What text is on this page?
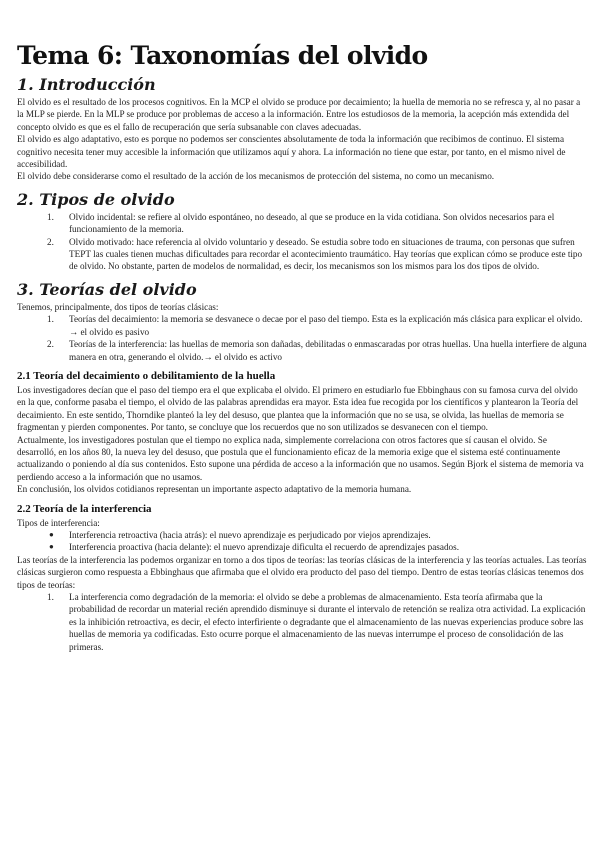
Tema 6: Taxonomías del olvido
1. Introducción

El olvido es el resultado de los procesos cognitivos. En la MCP el olvido se produce por decaimiento; la huella de memoria no se refresca y, al no pasar a la MLP se pierde. En la MLP se produce por problemas de acceso a la información. Entre los estudiosos de la memoria, la acepción más extendida del concepto olvido es que es el fallo de recuperación que sería subsanable con claves adecuadas.

El olvido es algo adaptativo, esto es porque no podemos ser conscientes absolutamente de toda la información que recibimos de continuo. El sistema cognitivo necesita tener muy accesible la información que utilizamos aquí y ahora. La información no tiene que estar, por tanto, en el mismo nivel de accesibilidad.

El olvido debe considerarse como el resultado de la acción de los mecanismos de protección del sistema, no como un mecanismo.

2. Tipos de olvido
1. Olvido incidental: se refiere al olvido espontáneo, no deseado, al que se produce en la vida cotidiana. Son olvidos necesarios para el funcionamiento de la memoria.
2. Olvido motivado: hace referencia al olvido voluntario y deseado. Se estudia sobre todo en situaciones de trauma, con personas que sufren TEPT las cuales tienen muchas dificultades para recordar el acontecimiento traumático. Hay teorías que explican cómo se produce este tipo de olvido. No obstante, parten de modelos de normalidad, es decir, los mecanismos son los mismos para los dos tipos de olvido.
3. Teorías del olvido

Tenemos, principalmente, dos tipos de teorías clásicas:

1. Teorías del decaimiento: la memoria se desvanece o decae por el paso del tiempo. Esta es la explicación más clásica para explicar el olvido. → el olvido es pasivo
2. Teorías de la interferencia: las huellas de memoria son dañadas, debilitadas o enmascaradas por otras huellas. Una huella interfiere de alguna manera en otra, generando el olvido.→ el olvido es activo
2.1 Teoría del decaimiento o debilitamiento de la huella

Los investigadores decían que el paso del tiempo era el que explicaba el olvido. El primero en estudiarlo fue Ebbinghaus con su famosa curva del olvido en la que, conforme pasaba el tiempo, el olvido de las palabras aprendidas era mayor. Esta idea fue recogida por los científicos y plantearon la Teoría del decaimiento. En este sentido, Thorndike planteó la ley del desuso, que plantea que la información que no se usa, se olvida, las huellas de memoria se fragmentan y pierden componentes. Por tanto, se concluye que los recuerdos que no son utilizados se desvanecen con el tiempo.

Actualmente, los investigadores postulan que el tiempo no explica nada, simplemente correlaciona con otros factores que sí causan el olvido. Se desarrolló, en los años 80, la nueva ley del desuso, que postula que el funcionamiento eficaz de la memoria exige que el sistema esté continuamente actualizando o poniendo al día sus contenidos. Esto supone una pérdida de acceso a la información que no usamos. Según Bjork el sistema de memoria va perdiendo acceso a la información que no usamos.

En conclusión, los olvidos cotidianos representan un importante aspecto adaptativo de la memoria humana.

2.2 Teoría de la interferencia

Tipos de interferencia:

● Interferencia retroactiva (hacia atrás): el nuevo aprendizaje es perjudicado por viejos aprendizajes.
● Interferencia proactiva (hacia delante): el nuevo aprendizaje dificulta el recuerdo de aprendizajes pasados.

Las teorías de la interferencia las podemos organizar en torno a dos tipos de teorías: las teorías clásicas de la interferencia y las teorías actuales. Las teorías clásicas surgieron como respuesta a Ebbinghaus que afirmaba que el olvido era producto del paso del tiempo. Dentro de estas teorías clásicas tenemos dos tipos de teorías:

1. La interferencia como degradación de la memoria: el olvido se debe a problemas de almacenamiento. Esta teoría afirmaba que la probabilidad de recordar un material recién aprendido disminuye si durante el intervalo de retención se realiza otra actividad. La explicación es la inhibición retroactiva, es decir, el efecto interfiriente o degradante que el almacenamiento de las nuevas experiencias produce sobre las huellas de memoria ya codificadas. Esto ocurre porque el almacenamiento de las nuevas interrumpe el proceso de consolidación de las primeras.
